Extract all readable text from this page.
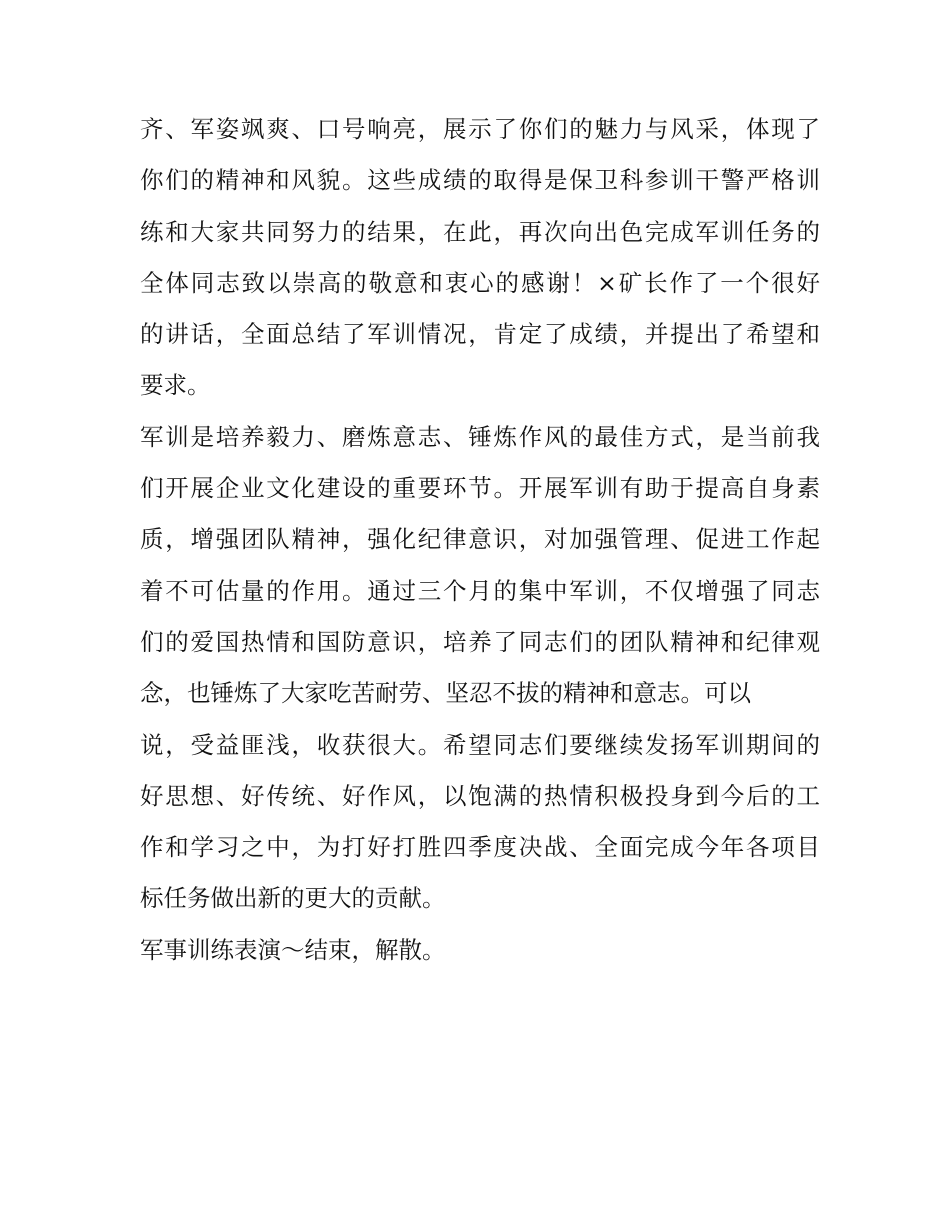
齐、军姿飒爽、口号响亮，展示了你们的魅力与风采，体现了
你们的精神和风貌。这些成绩的取得是保卫科参训干警严格训
练和大家共同努力的结果，在此，再次向出色完成军训任务的
全体同志致以崇高的敬意和衷心的感谢！×矿长作了一个很好
的讲话，全面总结了军训情况，肯定了成绩，并提出了希望和
要求。
军训是培养毅力、磨炼意志、锤炼作风的最佳方式，是当前我
们开展企业文化建设的重要环节。开展军训有助于提高自身素
质，增强团队精神，强化纪律意识，对加强管理、促进工作起
着不可估量的作用。通过三个月的集中军训，不仅增强了同志
们的爱国热情和国防意识，培养了同志们的团队精神和纪律观
念，也锤炼了大家吃苦耐劳、坚忍不拔的精神和意志。可以
说，受益匪浅，收获很大。希望同志们要继续发扬军训期间的
好思想、好传统、好作风，以饱满的热情积极投身到今后的工
作和学习之中，为打好打胜四季度决战、全面完成今年各项目
标任务做出新的更大的贡献。
军事训练表演～结束，解散。
